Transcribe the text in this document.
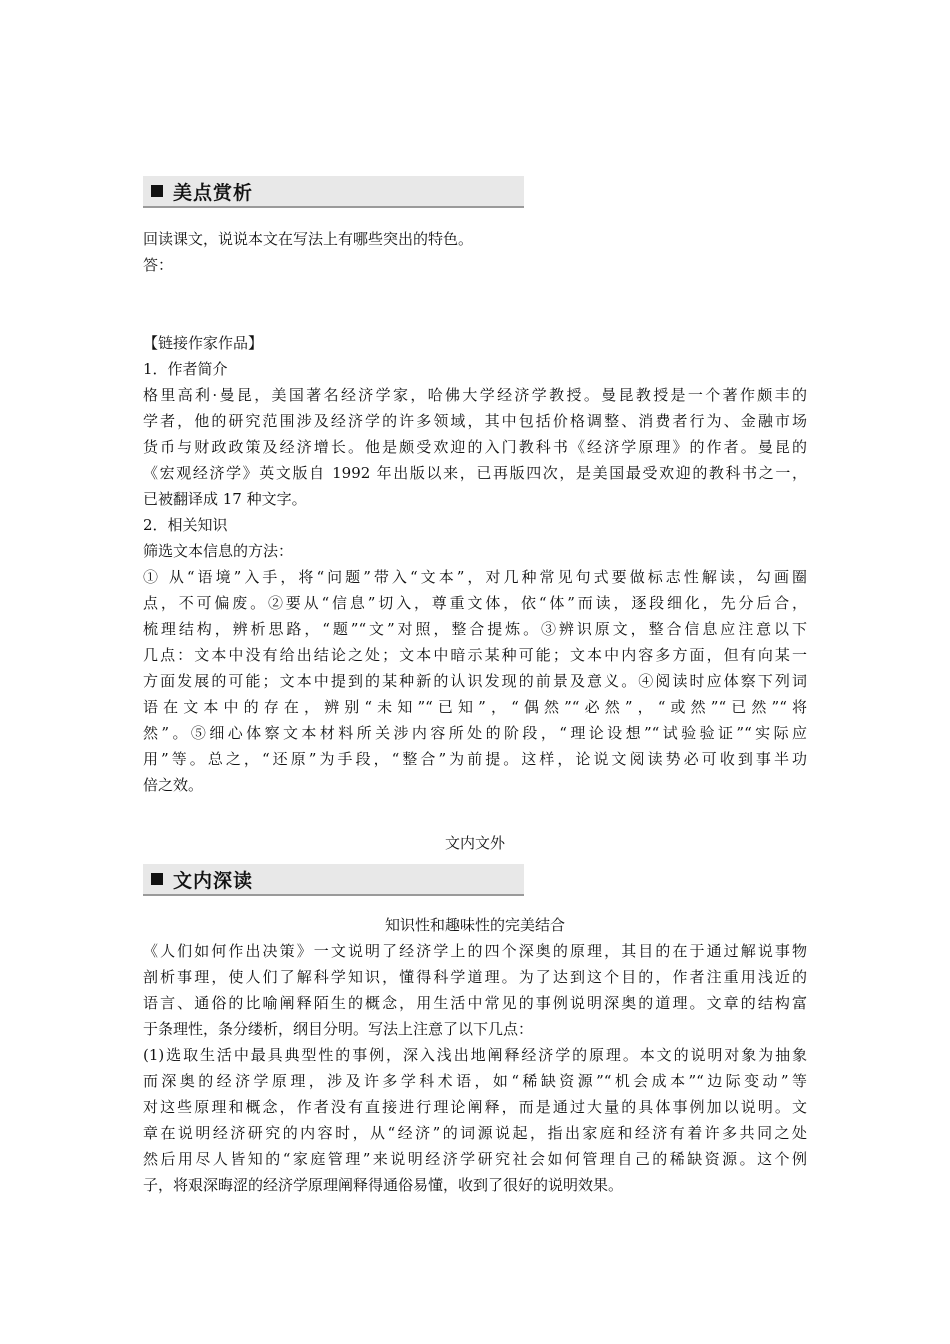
美点赏析
回读课文，说说本文在写法上有哪些突出的特色。
答：
【链接作家作品】
1．作者简介
格里高利·曼昆，美国著名经济学家，哈佛大学经济学教授。曼昆教授是一个著作颇丰的
学者，他的研究范围涉及经济学的许多领域，其中包括价格调整、消费者行为、金融市场
货币与财政政策及经济增长。他是颇受欢迎的入门教科书《经济学原理》的作者。曼昆的
《宏观经济学》英文版自 1992 年出版以来，已再版四次，是美国最受欢迎的教科书之一，
已被翻译成 17 种文字。
2．相关知识
筛选文本信息的方法：
① 从“语境”入手，将“问题”带入“文本”，对几种常见句式要做标志性解读，勾画圈
点，不可偏废。②要从“信息”切入，尊重文体，依“体”而读，逐段细化，先分后合，
梳理结构，辨析思路，“题”“文”对照，整合提炼。③辨识原文，整合信息应注意以下
几点：文本中没有给出结论之处；文本中暗示某种可能；文本中内容多方面，但有向某一
方面发展的可能；文本中提到的某种新的认识发现的前景及意义。④阅读时应体察下列词
语在文本中的存在，辨别“未知”“已知”，“偶然”“必然”，“或然”“已然”“将
然”。⑤细心体察文本材料所关涉内容所处的阶段，“理论设想”“试验验证”“实际应
用”等。总之，“还原”为手段，“整合”为前提。这样，论说文阅读势必可收到事半功
倍之效。
文内文外
文内深读
知识性和趣味性的完美结合
《人们如何作出决策》一文说明了经济学上的四个深奥的原理，其目的在于通过解说事物
剖析事理，使人们了解科学知识，懂得科学道理。为了达到这个目的，作者注重用浅近的
语言、通俗的比喻阐释陌生的概念，用生活中常见的事例说明深奥的道理。文章的结构富
于条理性，条分缕析，纲目分明。写法上注意了以下几点：
(1)选取生活中最具典型性的事例，深入浅出地阐释经济学的原理。本文的说明对象为抽象
而深奥的经济学原理，涉及许多学科术语，如“稀缺资源”“机会成本”“边际变动”等
对这些原理和概念，作者没有直接进行理论阐释，而是通过大量的具体事例加以说明。文
章在说明经济研究的内容时，从“经济”的词源说起，指出家庭和经济有着许多共同之处
然后用尽人皆知的“家庭管理”来说明经济学研究社会如何管理自己的稀缺资源。这个例
子，将艰深晦涩的经济学原理阐释得通俗易懂，收到了很好的说明效果。
